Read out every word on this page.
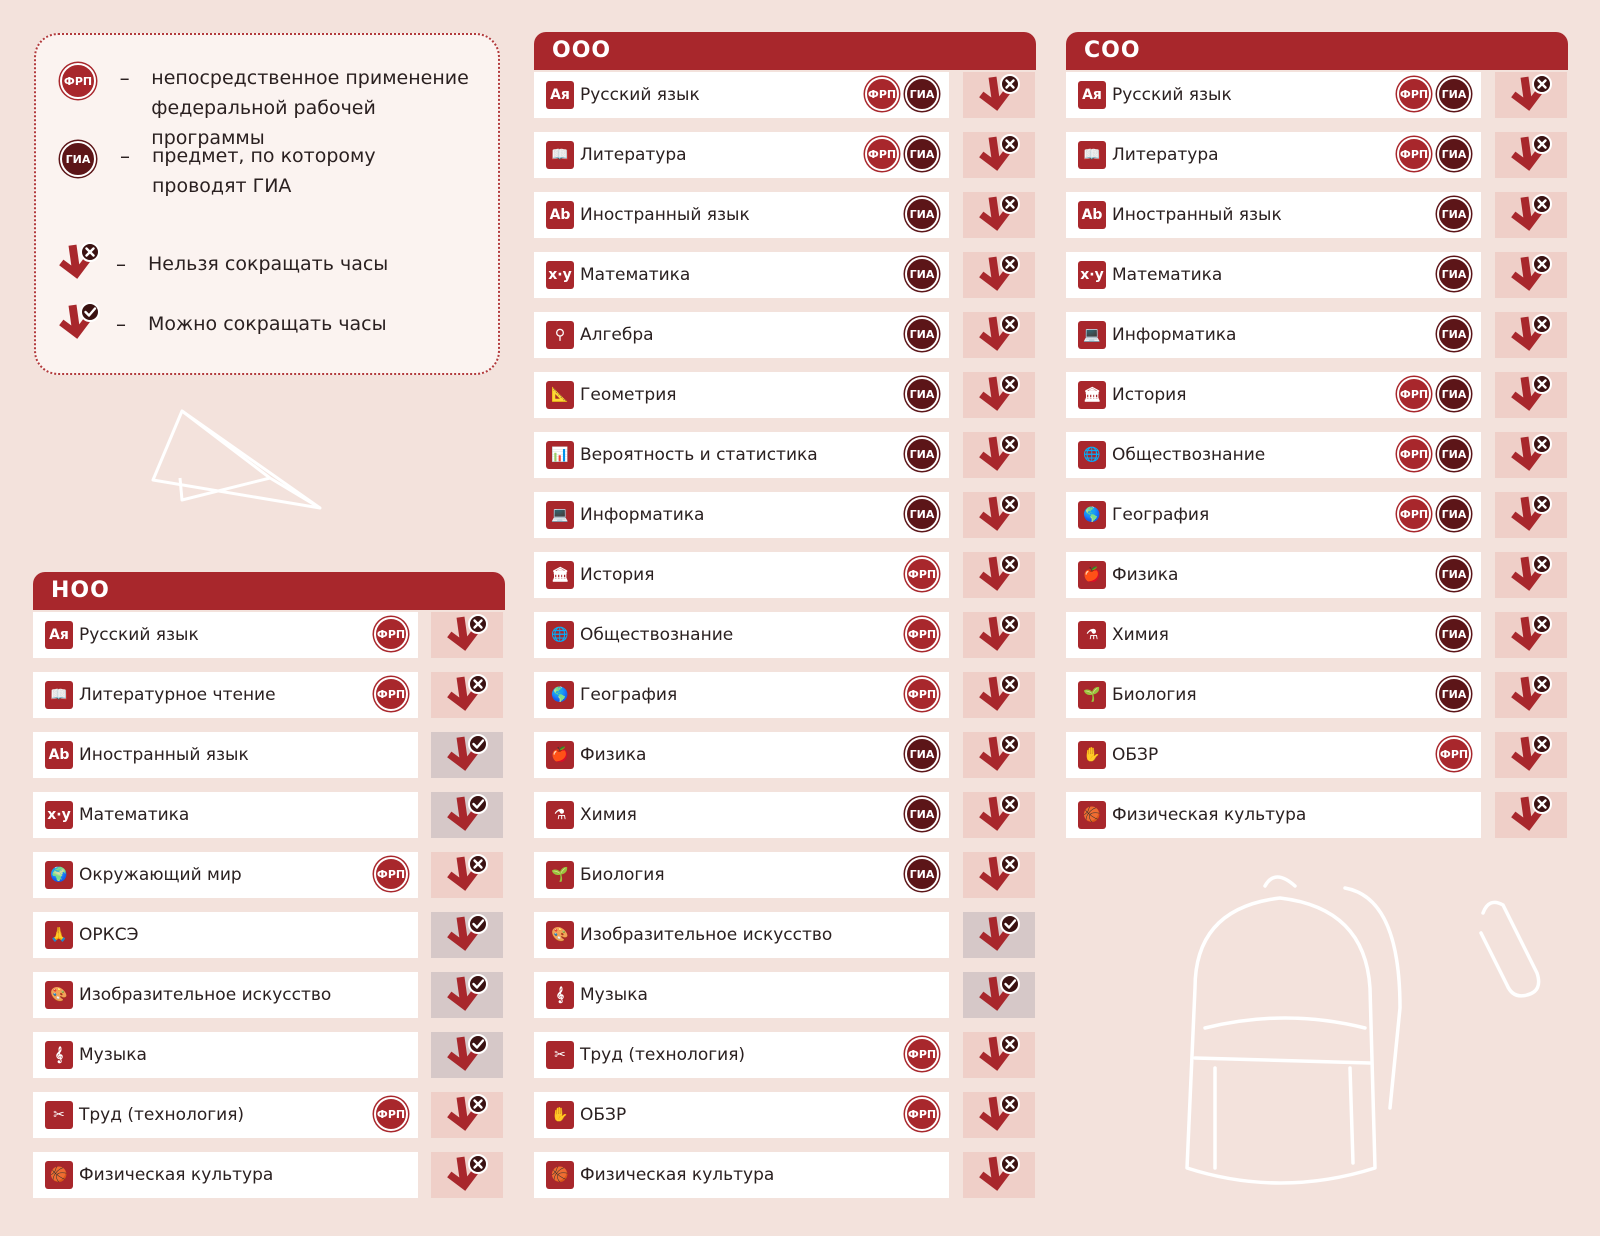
ФРП	–	непосредственное применение
федеральной рабочей программы
ГИА	–	предмет, по которому
проводят ГИА
–	Нельзя сокращать часы
–	Можно сокращать часы
НОО
Ая Русский язык	ФРП
📖 Литературное чтение	ФРП
Ab Иностранный язык
x·y Математика
🌍 Окружающий мир	ФРП
🙏 ОРКСЭ
🎨 Изобразительное искусство
𝄞 Музыка
✂ Труд (технология)	ФРП
🏀 Физическая культура
ООО
Ая Русский язык	ФРП	ГИА
📖 Литература	ФРП	ГИА
Ab Иностранный язык	ГИА
x·y Математика	ГИА
⚲ Алгебра	ГИА
📐 Геометрия	ГИА
📊 Вероятность и статистика	ГИА
💻 Информатика	ГИА
🏛 История	ФРП
🌐 Обществознание	ФРП
🌎 География	ФРП
🍎 Физика	ГИА
⚗ Химия	ГИА
🌱 Биология	ГИА
🎨 Изобразительное искусство
𝄞 Музыка
✂ Труд (технология)	ФРП
✋ ОБЗР	ФРП
🏀 Физическая культура
СОО
Ая Русский язык	ФРП	ГИА
📖 Литература	ФРП	ГИА
Ab Иностранный язык	ГИА
x·y Математика	ГИА
💻 Информатика	ГИА
🏛 История	ФРП	ГИА
🌐 Обществознание	ФРП	ГИА
🌎 География	ФРП	ГИА
🍎 Физика	ГИА
⚗ Химия	ГИА
🌱 Биология	ГИА
✋ ОБЗР	ФРП
🏀 Физическая культура
